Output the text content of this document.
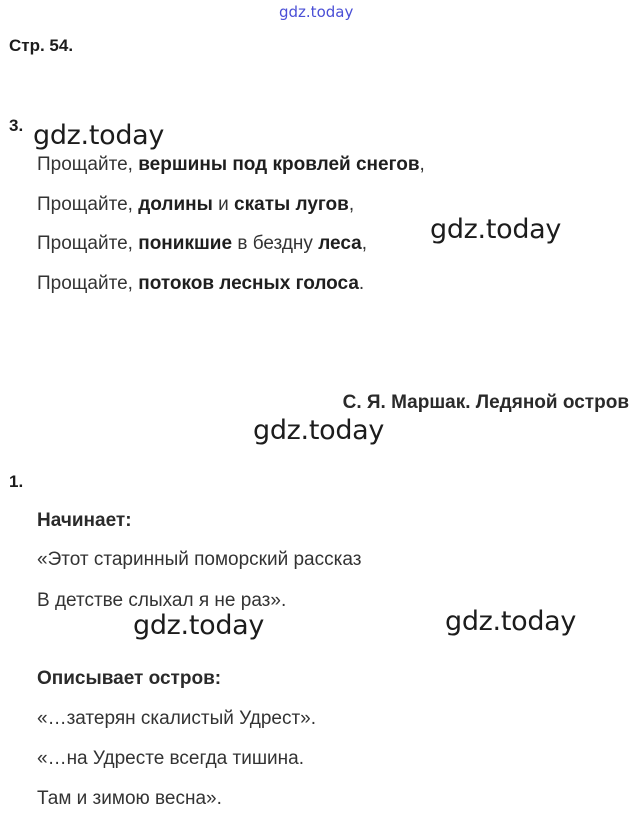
gdz.today
Стр. 54.
3. gdz.today
Прощайте, вершины под кровлей снегов,
Прощайте, долины и скаты лугов,
Прощайте, поникшие в бездну леса, gdz.today
Прощайте, потоков лесных голоса.
С. Я. Маршак. Ледяной остров
gdz.today
1.
Начинает:
«Этот старинный поморский рассказ
В детстве слыхал я не раз».
gdz.today	gdz.today
Описывает остров:
«…затерян скалистый Удрест».
«…на Удресте всегда тишина.
Там и зимою весна».
